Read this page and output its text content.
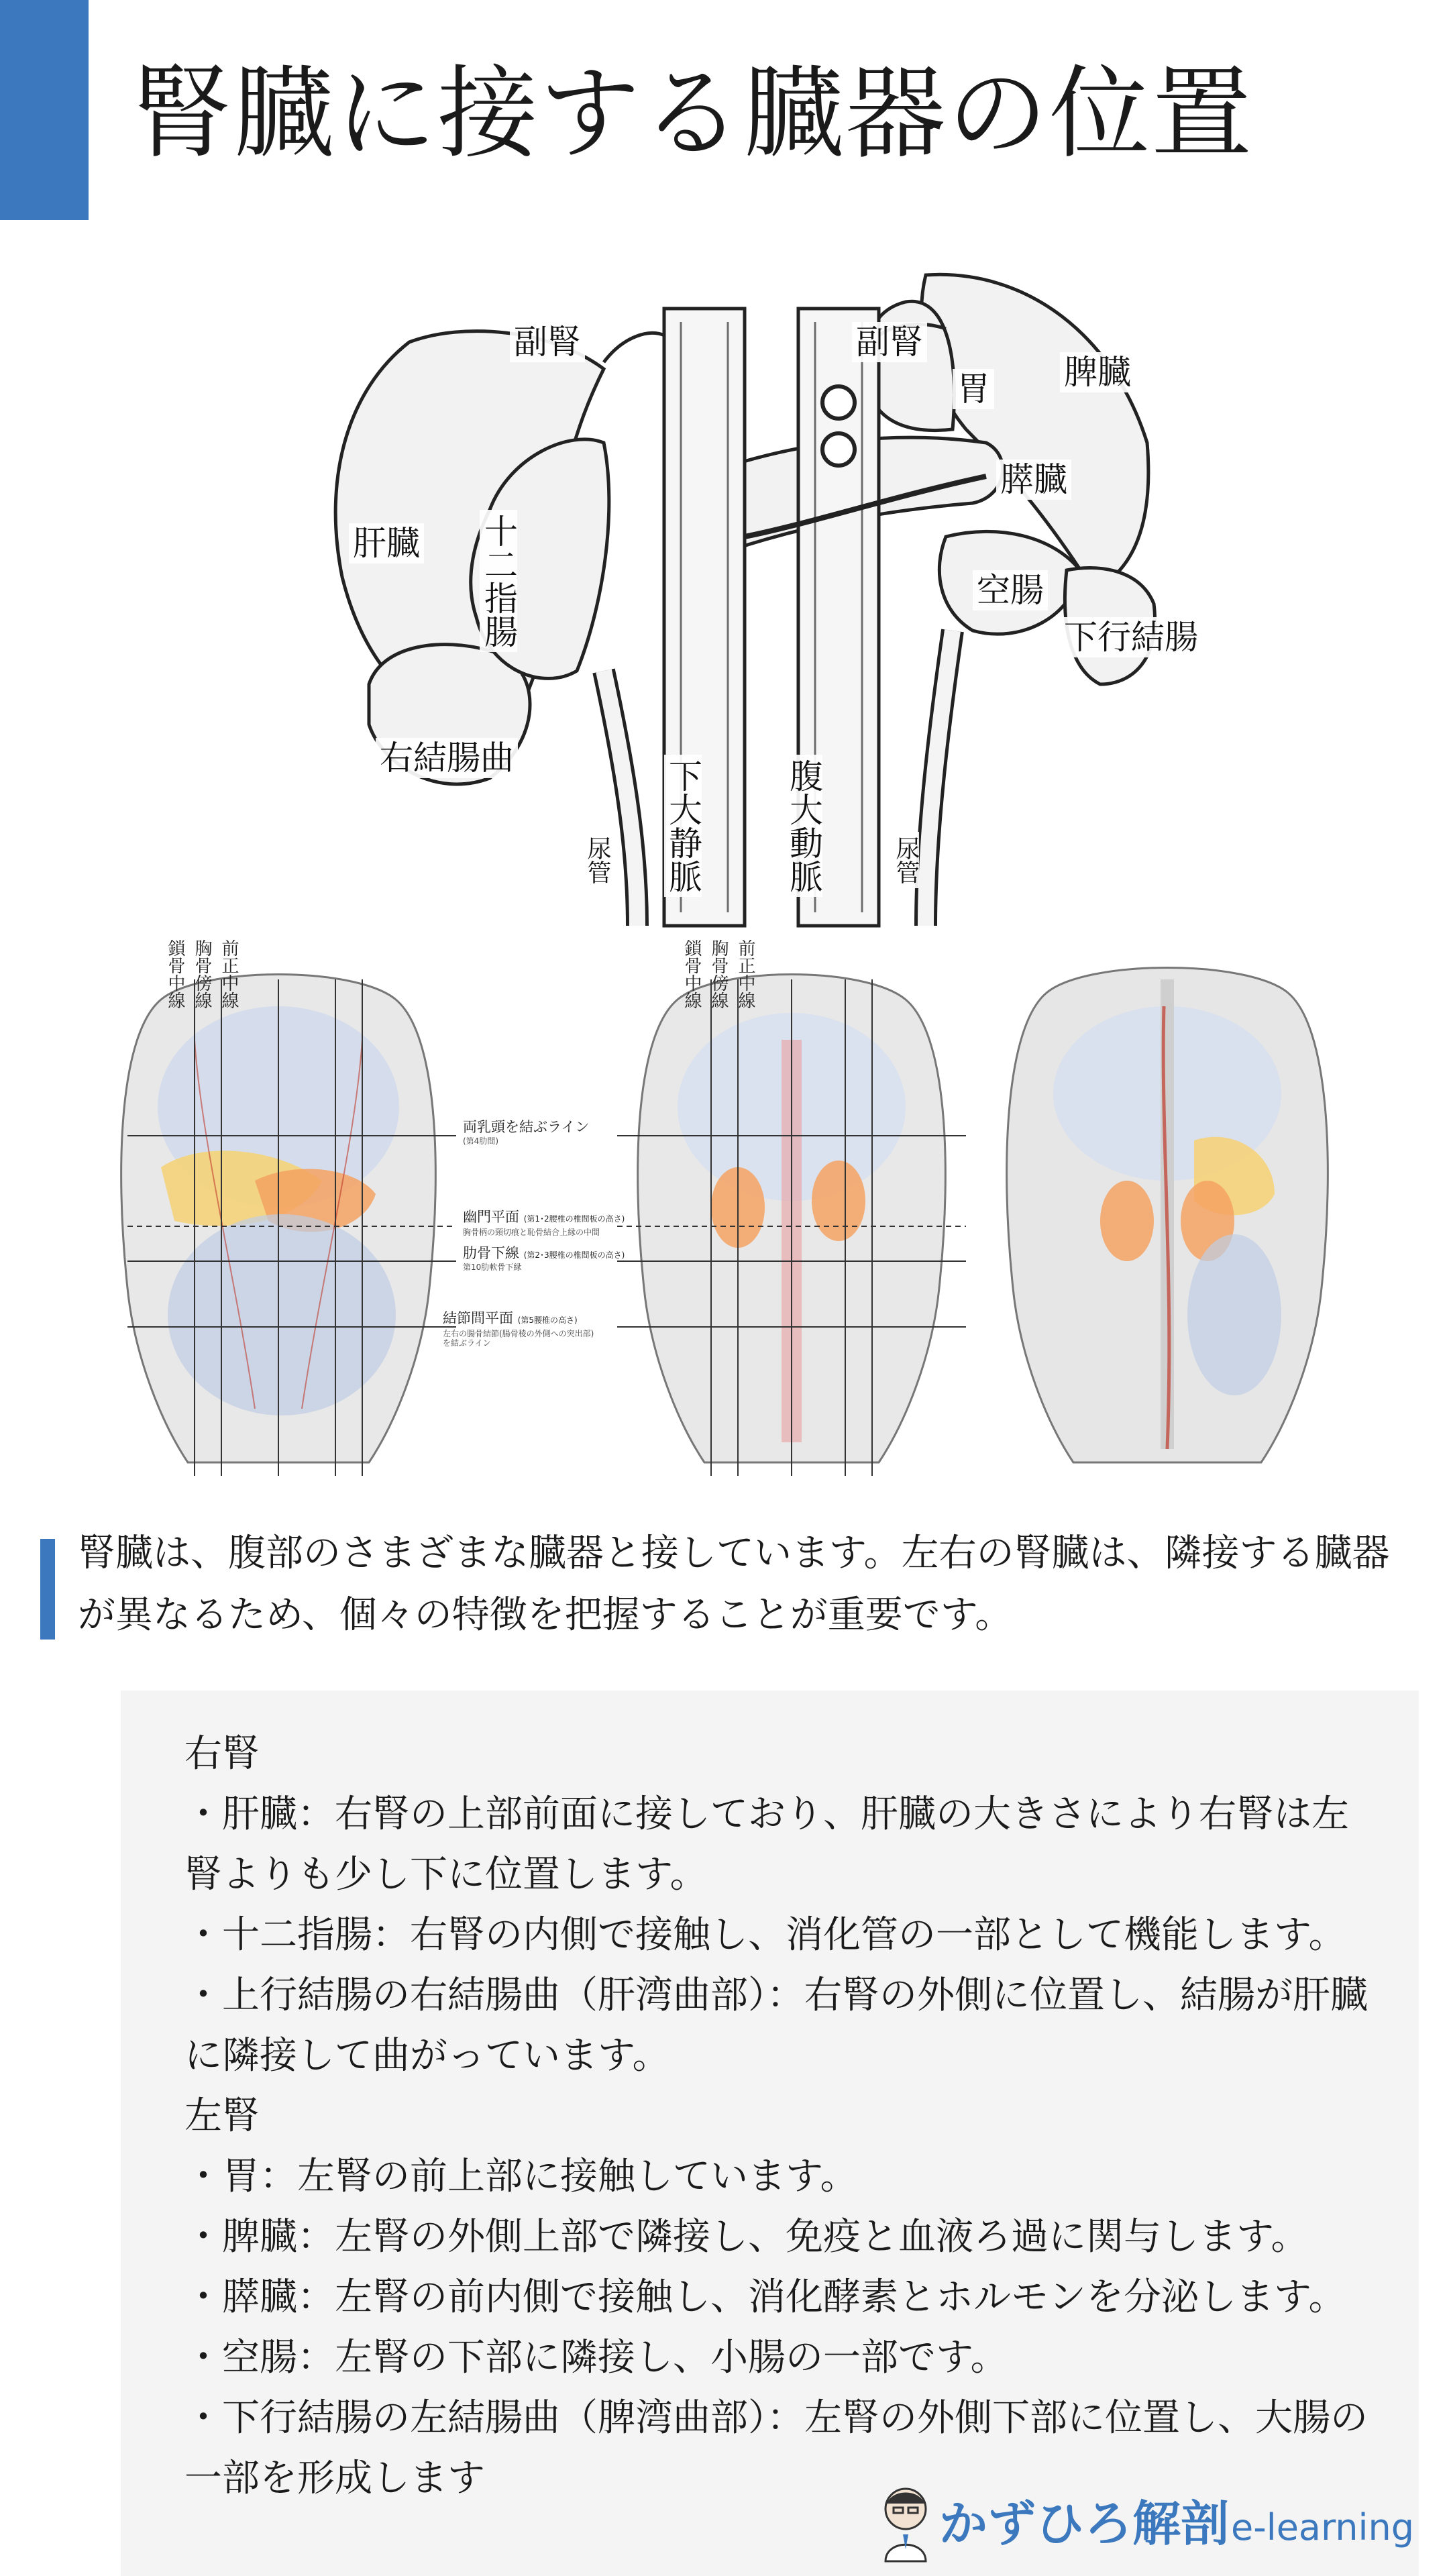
腎臓に接する臓器の位置
副腎	副腎
胃 脾臓
肝臓 十二指腸
膵臓
空腸
下行結腸
右結腸曲
下大静脈 腹大動脈
尿管	尿管
鎖骨中線 胸骨傍線 前正中線
両乳頭を結ぶライン
(第4肋間)
幽門平面 (第1･2腰椎の椎間板の高さ)
胸骨柄の頸切痕と恥骨結合上縁の中間
肋骨下線 (第2･3腰椎の椎間板の高さ)
第10肋軟骨下縁
結節間平面 (第5腰椎の高さ)
左右の腸骨結節(腸骨稜の外側への突出部)を結ぶライン
鎖骨中線 胸骨傍線 前正中線
腎臓は、腹部のさまざまな臓器と接しています。左右の腎臓は、隣接する臓器が異なるため、個々の特徴を把握することが重要です。
右腎
・肝臓：右腎の上部前面に接しており、肝臓の大きさにより右腎は左腎よりも少し下に位置します。
・十二指腸：右腎の内側で接触し、消化管の一部として機能します。
・上行結腸の右結腸曲（肝湾曲部）：右腎の外側に位置し、結腸が肝臓に隣接して曲がっています。
左腎
・胃：左腎の前上部に接触しています。
・脾臓：左腎の外側上部で隣接し、免疫と血液ろ過に関与します。
・膵臓：左腎の前内側で接触し、消化酵素とホルモンを分泌します。
・空腸：左腎の下部に隣接し、小腸の一部です。
・下行結腸の左結腸曲（脾湾曲部）：左腎の外側下部に位置し、大腸の一部を形成します
かずひろ解剖 e-learning
